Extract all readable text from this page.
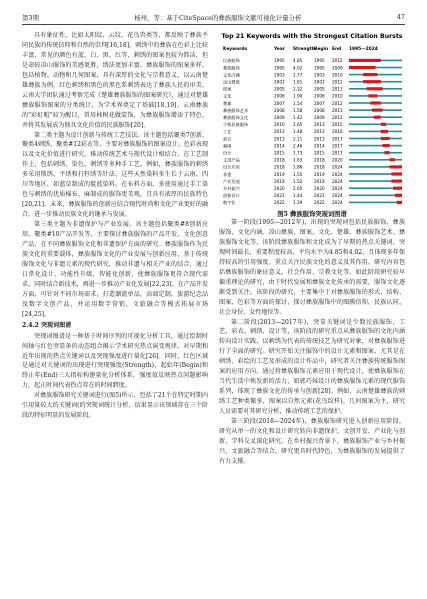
第3期	杨州，等：基于CiteSpace的彝族服饰文献可视化计量分析	47

具有象征性，比如太阳纹、云纹、花鸟兽类等，都反映了彝族不同民族的传统信仰和自然的崇拜[16,18]。刺绣中的彝族在色彩上比较丰富，常见的颜色有蓝、白、黑、红等，刺绣的图案也较为简洁，但是却较凉山服饰的美感更胜，绣法更加丰富。彝族服饰的图案多样，包括植物、动物和几何图案，具有深厚的文化与宗教意义，以云南楚雄彝族为例，红色刺绣和黑色的黑色系刺绣表达了彝族人民的审美，云南大学团队通过考察完成《楚雄彝族服饰的图案研究》，通过对楚雄彝族服饰图案的分类统计，为学术界奠定了基础[18,19]。云南彝族的"彩虹帽"较为醒目，常用柿树花做装饰，为彝族服饰增添了特色，并将其发展成为独具文化价值的民族服饰[20]。

第二类主题为设计创新与传统工艺技法。该主题包括聚类7创新、聚类4刺绣、聚类#12彩衣等。主要对彝族服饰的图案设计、色彩表现以及文化价值进行研究，推动传统艺术与现代设计相结合。在工艺制作上，包括刺绣、染色、刺绣等多种手工艺。例如，彝族服饰的刺绣多采用锁绣、平绣和打籽绣等针法，这些天然染料多生长于云南、四川等地区，如蓝草制成的靛蓝染料。在布料方面，多使用通过手工染色与刺绣的优质棉布、麻制成的服饰更美观，且具有浓厚的民族特色[20,21]。未来，彝族服饰的创新应结合现代时尚和文化产业更好的融合，进一步推动民族文化的继承与发展。

第三类主题为非遗保护与产业发展。该主题包括聚类#8创新应用、聚类#10产品开发等，主要探讨彝族服饰的产品开发、文化创意产品、在不同彝族服饰文化和非遗保护方面的研究。彝族服饰作为民族文化的重要载体，彝族服饰文化的产业发展与创新应用、基于传统服饰文化与非遗元素的现代研究，推动非遗与相关产业的结合，通过日常化设计，功能性升级，智能化创新，使彝族服饰更符合现代需求，同时结合新技术，再进一步推动产业化发展[22,23]。在产品开发方面，可针对不同市场需求，打造潮流单品，高端定制，旅游纪念品及数字文创产品，并运用数字营销，文旅融合等模式拓展市场[24,25]。

2.4.2 突现词图谱

突现词图谱是一种基于时间序列的可视化分析工具，通过绘制时间轴与红色突显条的动态组合揭示学术研究热点演变规律。对早期和近年出现的热点关键词以及突现强度进行量化[26]。同时，红色区域是通过对关键词的出现进行突现强度(Strength)、起始年(Begin)和终止年(End)三大指标构建量化分析体系，强度值反映热点问题影响力，起止时间代表热点存在的时间跨度。

对彝族服饰研究关键词进行(图5)所示，包括了21个在特定时期内引用量较大的关键词(的突现词统计分析，结果显示该领域存在三个阶段的特征明显的发展阶段。

Top 21 Keywords with the Strongest Citation Bursts
Keywords	Year Strength Begin End 1995—2024
民族服饰	1995 4.85	1995 2012
彝族服饰	1995 4.02	1995 2009
文化内涵	2003 1.77	2003 2010
凉山彝族	2003 1.61	2003 2012
图案	2005 2.32	2005 2013
文化	2006 1.90	2006 2010
楚雄	2007 1.54	2007 2012
彝族服饰艺术	2008 1.58	2008 2013
彝族服饰文化	2009 1.42	2009 2012
少数民族服饰	2010 1.65	2013 2015
工艺	2013 1.48	2013 2016
彩衣	2013 2.11	2013 2017
刺绣	2014 2.46	2014 2017
设计	2015 1.73	2015 2017
文创产品	2018 1.63	2018 2020
设计应用	2018 1.86	2018 2024
非遗	2019 1.55	2019 2024
产业发展	2019 1.52	2019 2024
乡村振兴	2020 2.05	2020 2024
创新设计	2021 1.44	2021 2024
数字化	2022 1.39	2022 2024
图5 彝族服饰突现词图谱

第一阶段(1995—2012年)，出现的突现词包括民族服饰、彝族服饰、文化内涵、凉山彝族、图案、文化、楚雄、彝族服饰艺术、彝族服饰文化等，该阶段彝族服饰和文化成为了早期的热点关键词，突现时间最长，重要程度较高，平均水平为4.85和4.02，且体现多年保持较高的引用强度。重点关注民族文化的意义及其作用。研究内容包括彝族服饰的象征意义、社会作用、宗教文化等。如此阶段研究较早偏重理论的研究，由于时代发展和彝族文化传承的需要，服饰文化逐渐受到关注。该阶段的研究，主要集中于对彝族服饰的形式、结构、图案、色彩等方面的探讨，探讨彝族服饰中的图腾信仰、民族认同、社会身份、女性地位等。

第二阶段(2013—2017年)，突显关键词是少数民族服饰、工艺、彩衣、刺绣、设计等，该阶段的研究重点从彝族服饰的文化内涵转向设计实践，以刺绣为代表的传统技艺为研究对象，对彝族服饰进行了全面的研究。研究开始关注服饰中的设计元素和图案，尤其是在刺绣、彩绘的工艺及形成的设计作品中，研究者关注彝族传统服饰图案的应用方向，通过将彝族服饰元素应用于现代设计，使彝族服饰在当代生活中焕发新的活力，如郭巧妹设计的彝族服饰元素的现代服饰系列，体现了彝族文化的传承与创新[28]。例如，云南楚雄彝族的刺绣工艺种类繁多，图案以自然元素(花鸟纹样)、几何图案为主，研究人员需要对其研究分析，推动传统工艺的保护。

第三阶段(2018—2024年)，彝族服饰研究进入创新应用阶段，研究从单一的文化和设计研究转向非遗保护、文创开发、产业化与创新，学科交叉深化研究。在乡村振兴背景下，彝族服饰产业与乡村振兴、文旅融合等结合，研究更具时代特色，为彝族服饰的发展提供了有力支撑。
